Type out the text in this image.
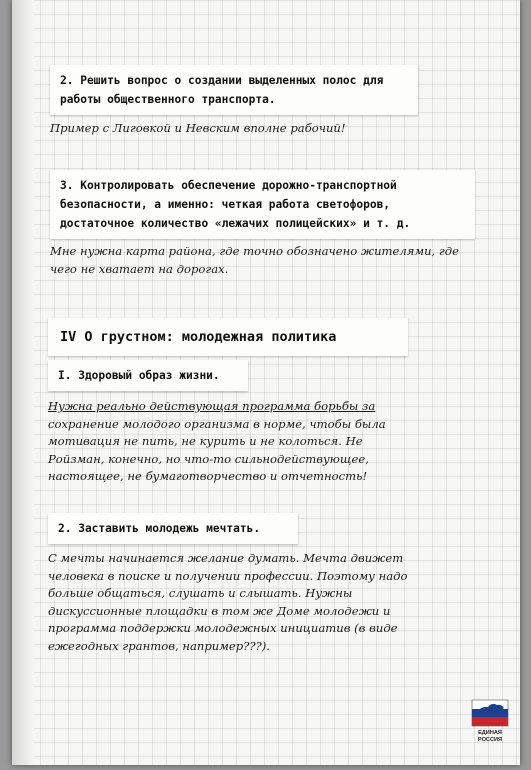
2. Решить вопрос о создании выделенных полос для работы общественного транспорта.
Пример с Лиговкой и Невским вполне рабочий!
3. Контролировать обеспечение дорожно-транспортной безопасности, а именно: четкая работа светофоров, достаточное количество «лежачих полицейских» и т. д.
Мне нужна карта района, где точно обозначено жителями, где чего не хватает на дорогах.
IV О грустном: молодежная политика
I. Здоровый образ жизни.
Нужна реально действующая программа борьбы за сохранение молодого организма в норме, чтобы была мотивация не пить, не курить и не колоться. Не Ройзман, конечно, но что-то сильнодействующее, настоящее, не бумаготворчество и отчетность!
2. Заставить молодежь мечтать.
С мечты начинается желание думать. Мечта движет человека в поиске и получении профессии. Поэтому надо больше общаться, слушать и слышать. Нужны дискуссионные площадки в том же Доме молодежи и программа поддержки молодежных инициатив (в виде ежегодных грантов, например???).
ЕДИНАЯ
РОССИЯ
